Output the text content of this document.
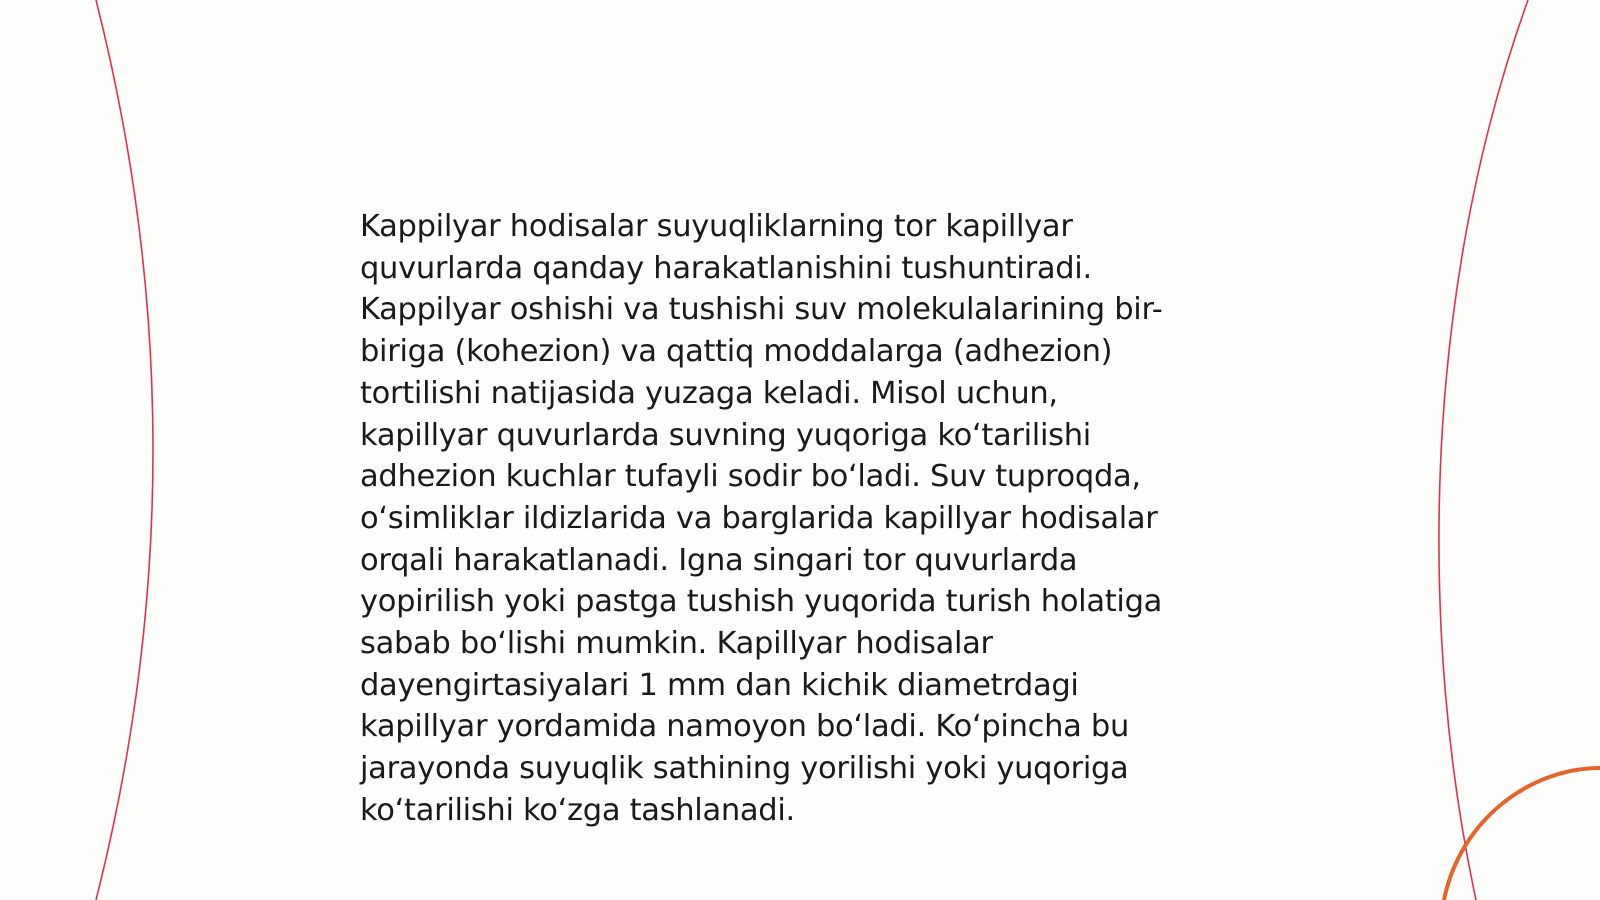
Kappilyar hodisalar suyuqliklarning tor kapillyar
quvurlarda qanday harakatlanishini tushuntiradi.
Kappilyar oshishi va tushishi suv molekulalarining bir-
biriga (kohezion) va qattiq moddalarga (adhezion)
tortilishi natijasida yuzaga keladi. Misol uchun,
kapillyar quvurlarda suvning yuqoriga ko‘tarilishi
adhezion kuchlar tufayli sodir bo‘ladi. Suv tuproqda,
o‘simliklar ildizlarida va barglarida kapillyar hodisalar
orqali harakatlanadi. Igna singari tor quvurlarda
yopirilish yoki pastga tushish yuqorida turish holatiga
sabab bo‘lishi mumkin. Kapillyar hodisalar
dayengirtasiyalari 1 mm dan kichik diametrdagi
kapillyar yordamida namoyon bo‘ladi. Ko‘pincha bu
jarayonda suyuqlik sathining yorilishi yoki yuqoriga
ko‘tarilishi ko‘zga tashlanadi.
